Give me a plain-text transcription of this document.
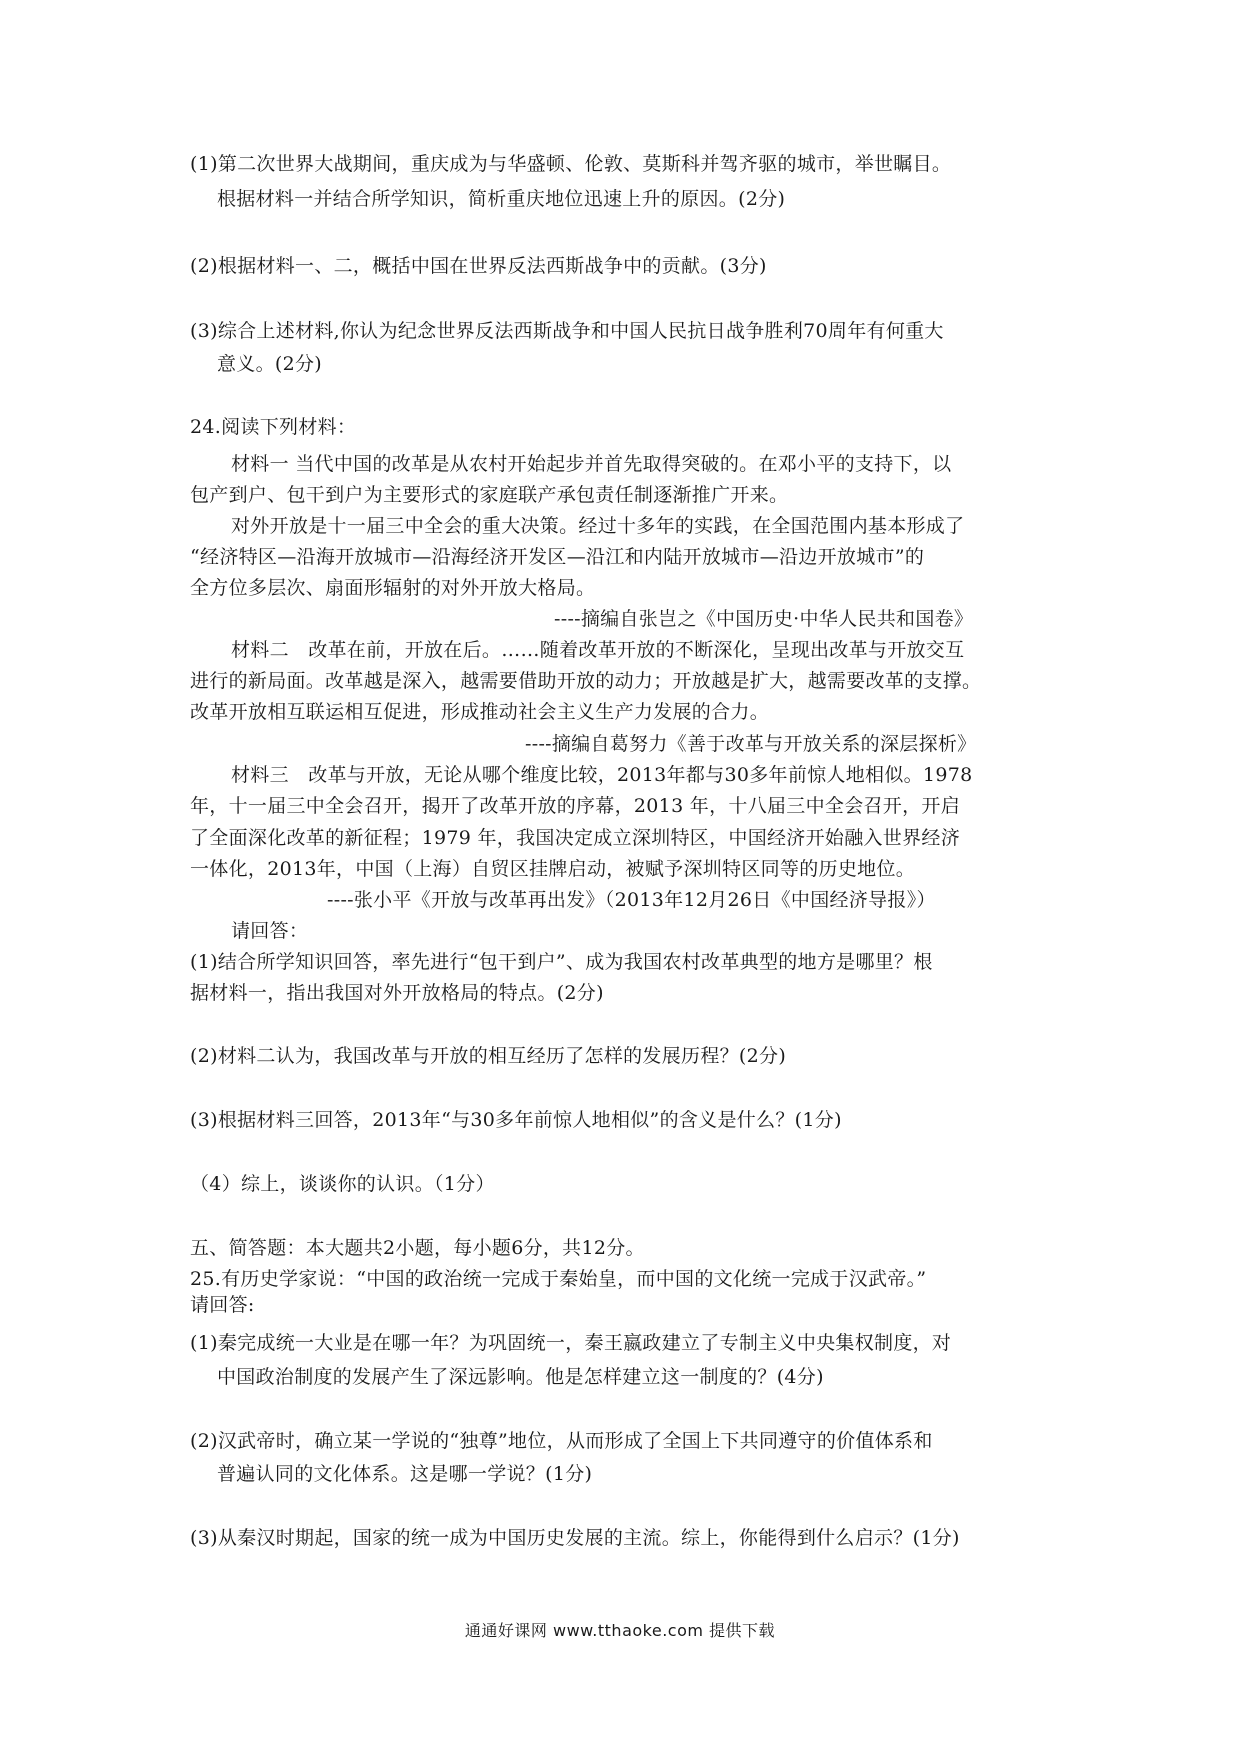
(1)第二次世界大战期间，重庆成为与华盛顿、伦敦、莫斯科并驾齐驱的城市，举世瞩目。
根据材料一并结合所学知识，简析重庆地位迅速上升的原因。(2分)
(2)根据材料一、二，概括中国在世界反法西斯战争中的贡献。(3分)
(3)综合上述材料,你认为纪念世界反法西斯战争和中国人民抗日战争胜利70周年有何重大
意义。(2分)
24.阅读下列材料：
材料一 当代中国的改革是从农村开始起步并首先取得突破的。在邓小平的支持下，以
包产到户、包干到户为主要形式的家庭联产承包责任制逐渐推广开来。
对外开放是十一届三中全会的重大决策。经过十多年的实践，在全国范围内基本形成了
“经济特区—沿海开放城市—沿海经济开发区—沿江和内陆开放城市—沿边开放城市”的
全方位多层次、扇面形辐射的对外开放大格局。
----摘编自张岂之《中国历史·中华人民共和国卷》
材料二　改革在前，开放在后。……随着改革开放的不断深化，呈现出改革与开放交互
进行的新局面。改革越是深入，越需要借助开放的动力；开放越是扩大，越需要改革的支撑。
改革开放相互联运相互促进，形成推动社会主义生产力发展的合力。
----摘编自葛努力《善于改革与开放关系的深层探析》
材料三　改革与开放，无论从哪个维度比较，2013年都与30多年前惊人地相似。1978
年，十一届三中全会召开，揭开了改革开放的序幕，2013 年，十八届三中全会召开，开启
了全面深化改革的新征程；1979 年，我国决定成立深圳特区，中国经济开始融入世界经济
一体化，2013年，中国（上海）自贸区挂牌启动，被赋予深圳特区同等的历史地位。
----张小平《开放与改革再出发》（2013年12月26日《中国经济导报》）
请回答：
(1)结合所学知识回答，率先进行“包干到户”、成为我国农村改革典型的地方是哪里？根
据材料一，指出我国对外开放格局的特点。(2分)
(2)材料二认为，我国改革与开放的相互经历了怎样的发展历程？(2分)
(3)根据材料三回答，2013年“与30多年前惊人地相似”的含义是什么？(1分)
（4）综上，谈谈你的认识。（1分）
五、简答题：本大题共2小题，每小题6分，共12分。
25.有历史学家说：“中国的政治统一完成于秦始皇，而中国的文化统一完成于汉武帝。”
请回答:
(1)秦完成统一大业是在哪一年？为巩固统一，秦王嬴政建立了专制主义中央集权制度，对
中国政治制度的发展产生了深远影响。他是怎样建立这一制度的？(4分)
(2)汉武帝时，确立某一学说的“独尊”地位，从而形成了全国上下共同遵守的价值体系和
普遍认同的文化体系。这是哪一学说？(1分)
(3)从秦汉时期起，国家的统一成为中国历史发展的主流。综上，你能得到什么启示？(1分)
通通好课网 www.tthaoke.com 提供下载
